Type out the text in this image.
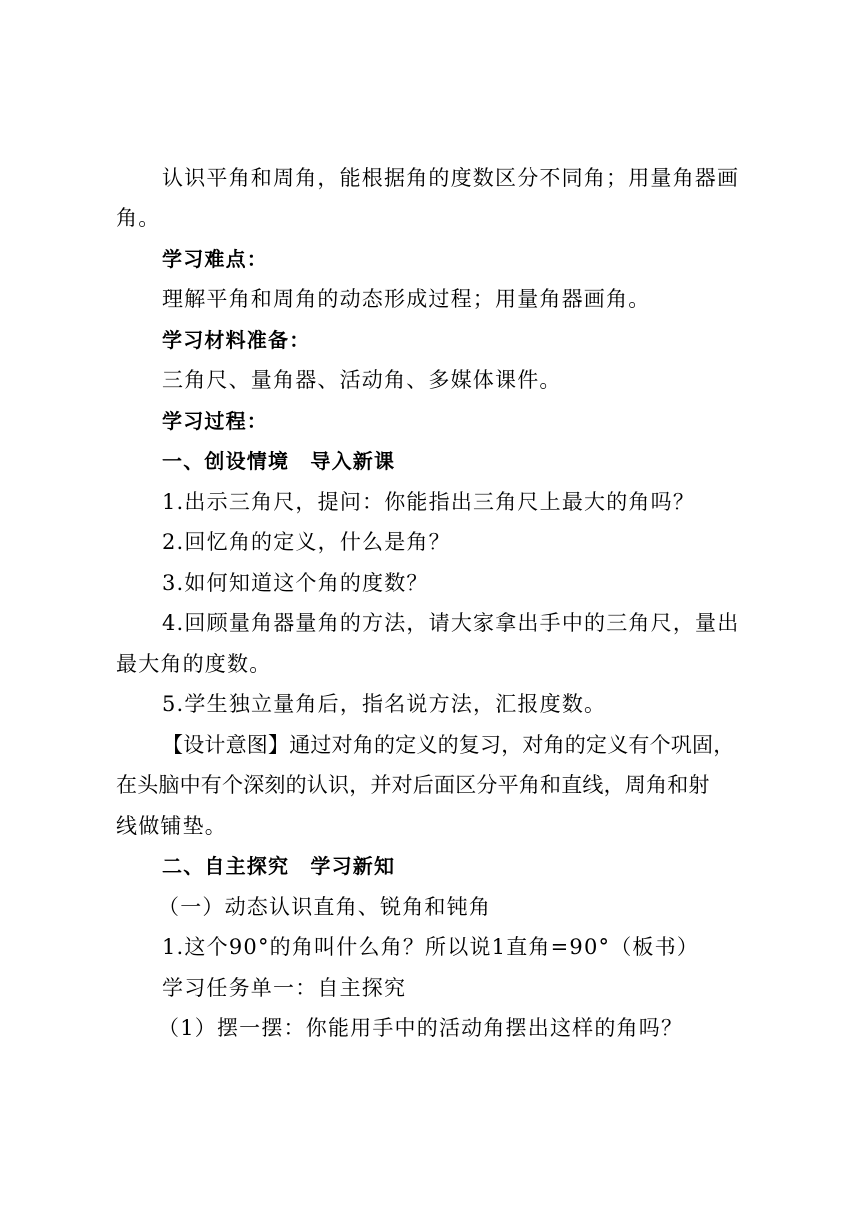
认识平角和周角，能根据角的度数区分不同角；用量角器画
角。
学习难点：
理解平角和周角的动态形成过程；用量角器画角。
学习材料准备：
三角尺、量角器、活动角、多媒体课件。
学习过程：
一、创设情境　导入新课
1.出示三角尺，提问：你能指出三角尺上最大的角吗？
2.回忆角的定义，什么是角？
3.如何知道这个角的度数？
4.回顾量角器量角的方法，请大家拿出手中的三角尺，量出
最大角的度数。
5.学生独立量角后，指名说方法，汇报度数。
【设计意图】通过对角的定义的复习，对角的定义有个巩固，
在头脑中有个深刻的认识，并对后面区分平角和直线，周角和射
线做铺垫。
二、自主探究　学习新知
（一）动态认识直角、锐角和钝角
1.这个90°的角叫什么角？所以说1直角=90°（板书）
学习任务单一：自主探究
（1）摆一摆：你能用手中的活动角摆出这样的角吗？
